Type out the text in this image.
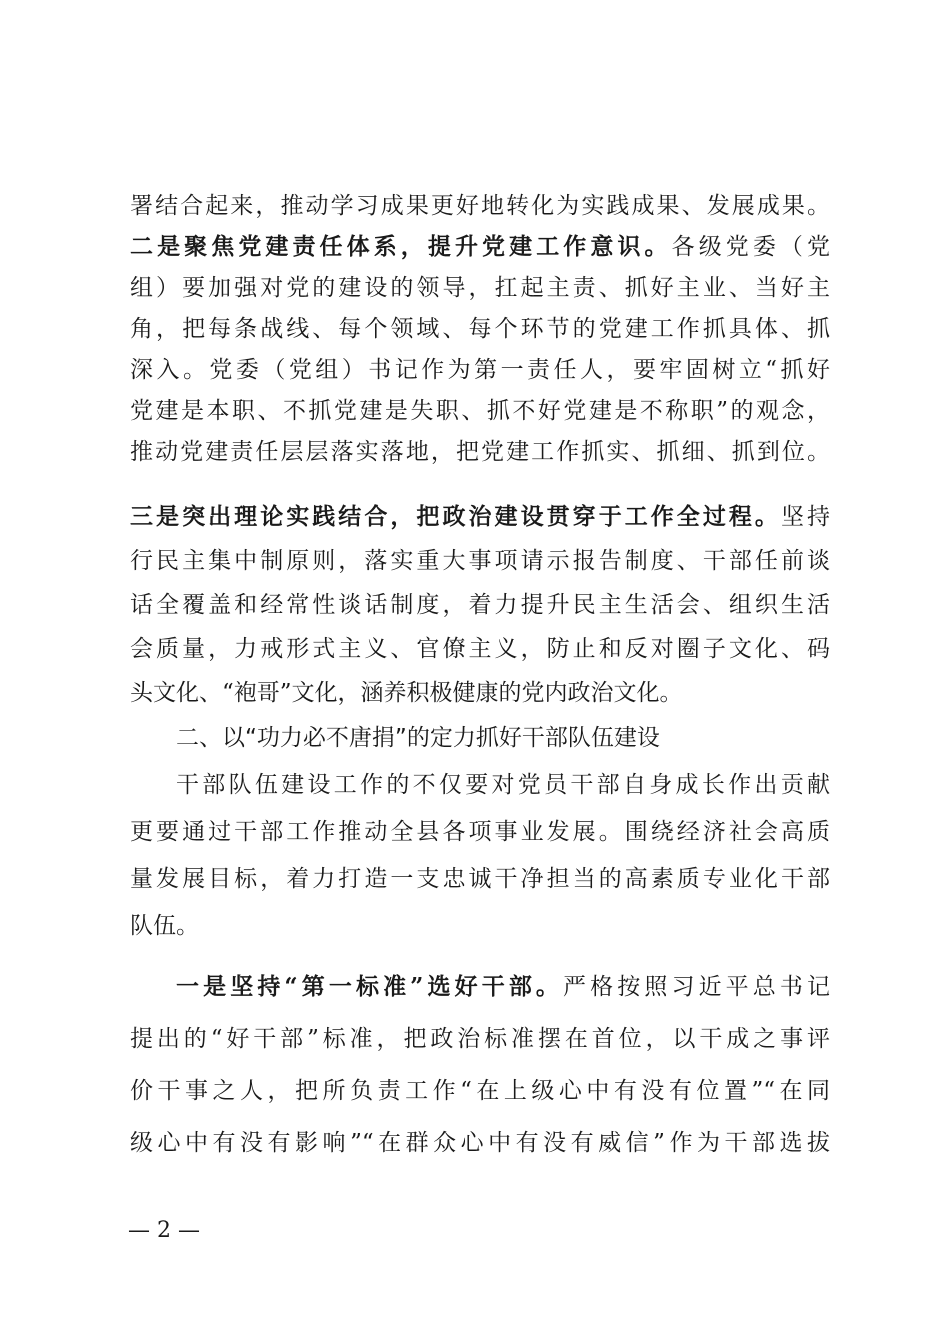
署结合起来，推动学习成果更好地转化为实践成果、发展成果。
二是聚焦党建责任体系，提升党建工作意识。各级党委（党
组）要加强对党的建设的领导，扛起主责、抓好主业、当好主
角，把每条战线、每个领域、每个环节的党建工作抓具体、抓
深入。党委（党组）书记作为第一责任人，要牢固树立“抓好
党建是本职、不抓党建是失职、抓不好党建是不称职”的观念，
推动党建责任层层落实落地，把党建工作抓实、抓细、抓到位。
三是突出理论实践结合，把政治建设贯穿于工作全过程。坚持
行民主集中制原则，落实重大事项请示报告制度、干部任前谈
话全覆盖和经常性谈话制度，着力提升民主生活会、组织生活
会质量，力戒形式主义、官僚主义，防止和反对圈子文化、码
头文化、“袍哥”文化，涵养积极健康的党内政治文化。
二、以“功力必不唐捐”的定力抓好干部队伍建设
干部队伍建设工作的不仅要对党员干部自身成长作出贡献
更要通过干部工作推动全县各项事业发展。围绕经济社会高质
量发展目标，着力打造一支忠诚干净担当的高素质专业化干部
队伍。
一是坚持“第一标准”选好干部。严格按照习近平总书记
提出的“好干部”标准，把政治标准摆在首位，以干成之事评
价干事之人，把所负责工作“在上级心中有没有位置”“在同
级心中有没有影响”“在群众心中有没有威信”作为干部选拔
— 2 —
